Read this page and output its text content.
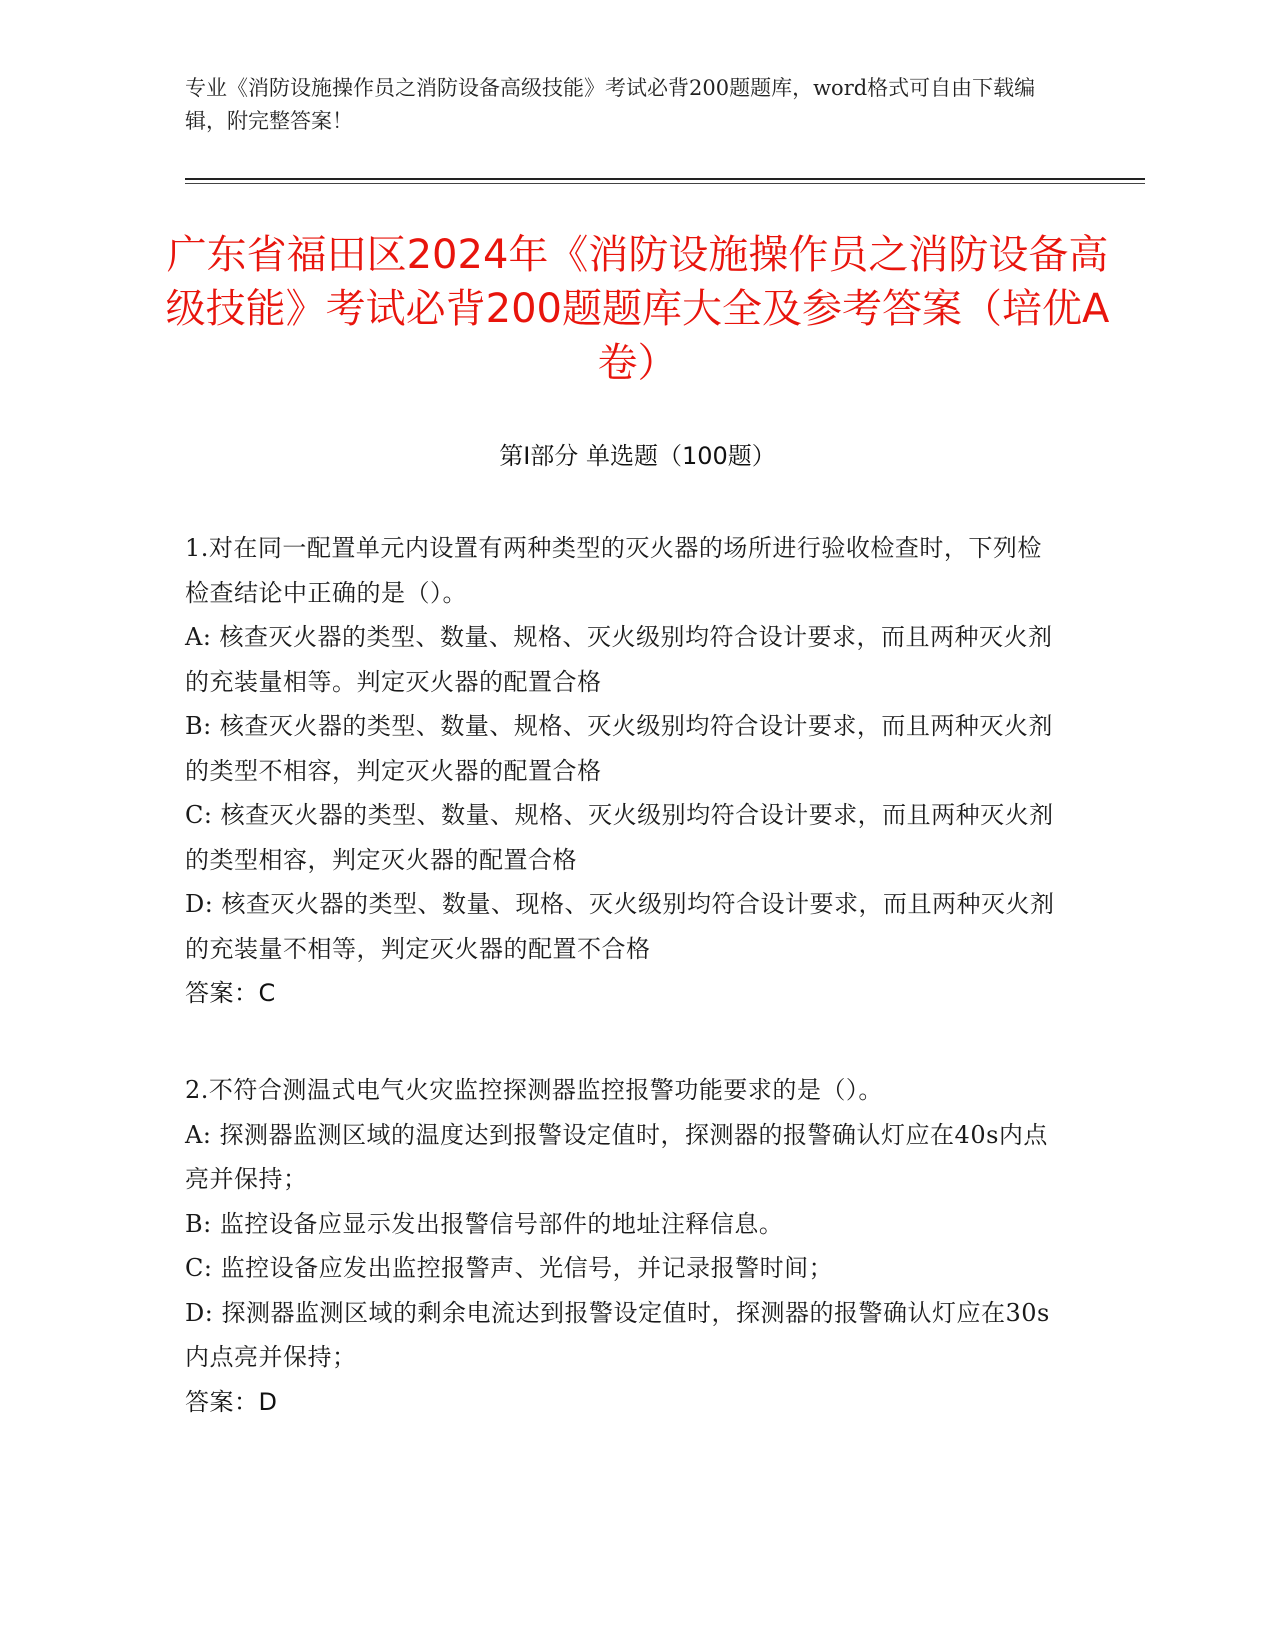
专业《消防设施操作员之消防设备高级技能》考试必背200题题库，word格式可自由下载编辑，附完整答案！
广东省福田区2024年《消防设施操作员之消防设备高级技能》考试必背200题题库大全及参考答案（培优A卷）
第I部分 单选题（100题）

1.对在同一配置单元内设置有两种类型的灭火器的场所进行验收检查时，下列检检查结论中正确的是（）。

A: 核查灭火器的类型、数量、规格、灭火级别均符合设计要求，而且两种灭火剂的充装量相等。判定灭火器的配置合格

B: 核查灭火器的类型、数量、规格、灭火级别均符合设计要求，而且两种灭火剂的类型不相容，判定灭火器的配置合格

C: 核查灭火器的类型、数量、规格、灭火级别均符合设计要求，而且两种灭火剂的类型相容，判定灭火器的配置合格

D: 核查灭火器的类型、数量、现格、灭火级别均符合设计要求，而且两种灭火剂的充装量不相等，判定灭火器的配置不合格

答案：C

2.不符合测温式电气火灾监控探测器监控报警功能要求的是（）。

A: 探测器监测区域的温度达到报警设定值时，探测器的报警确认灯应在40s内点亮并保持；

B: 监控设备应显示发出报警信号部件的地址注释信息。

C: 监控设备应发出监控报警声、光信号，并记录报警时间；

D: 探测器监测区域的剩余电流达到报警设定值时，探测器的报警确认灯应在30s内点亮并保持；

答案：D
